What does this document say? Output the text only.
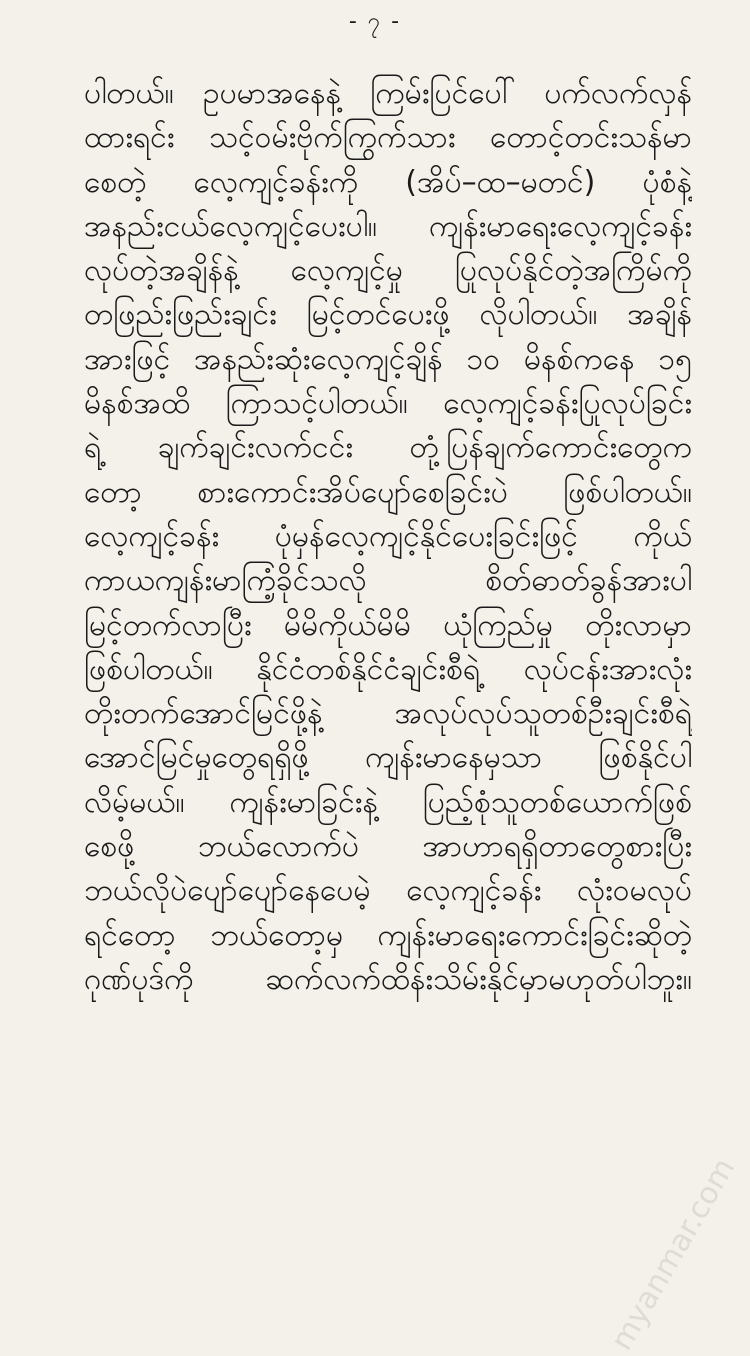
- ၇ -
ပါတယ်။ ဥပမာအနေနဲ့ ကြမ်းပြင်ပေါ် ပက်လက်လှန်
ထားရင်း သင့်ဝမ်းဗိုက်ကြွက်သား တောင့်တင်းသန်မာ
စေတဲ့ လေ့ကျင့်ခန်းကို (အိပ်–ထ–မတင်) ပုံစံနဲ့
အနည်းငယ်လေ့ကျင့်ပေးပါ။ ကျန်းမာရေးလေ့ကျင့်ခန်း
လုပ်တဲ့အချိန်နဲ့ လေ့ကျင့်မှု ပြုလုပ်နိုင်တဲ့အကြိမ်ကို
တဖြည်းဖြည်းချင်း မြင့်တင်ပေးဖို့ လိုပါတယ်။ အချိန်
အားဖြင့် အနည်းဆုံးလေ့ကျင့်ချိန် ၁၀ မိနစ်ကနေ ၁၅
မိနစ်အထိ ကြာသင့်ပါတယ်။ လေ့ကျင့်ခန်းပြုလုပ်ခြင်း
ရဲ့ ချက်ချင်းလက်ငင်း တုံ့ပြန်ချက်ကောင်းတွေက
တော့ စားကောင်းအိပ်ပျော်စေခြင်းပဲ ဖြစ်ပါတယ်။
လေ့ကျင့်ခန်း ပုံမှန်လေ့ကျင့်နိုင်ပေးခြင်းဖြင့် ကိုယ်
ကာယကျန်းမာကြံ့ခိုင်သလို စိတ်ဓာတ်ခွန်အားပါ
မြင့်တက်လာပြီး မိမိကိုယ်မိမိ ယုံကြည်မှု တိုးလာမှာ
ဖြစ်ပါတယ်။ နိုင်ငံတစ်နိုင်ငံချင်းစီရဲ့ လုပ်ငန်းအားလုံး
တိုးတက်အောင်မြင်ဖို့နဲ့ အလုပ်လုပ်သူတစ်ဦးချင်းစီရဲ့
အောင်မြင်မှုတွေရရှိဖို့ ကျန်းမာနေမှသာ ဖြစ်နိုင်ပါ
လိမ့်မယ်။ ကျန်းမာခြင်းနဲ့ ပြည့်စုံသူတစ်ယောက်ဖြစ်
စေဖို့ ဘယ်လောက်ပဲ အာဟာရရှိတာတွေစားပြီး
ဘယ်လိုပဲပျော်ပျော်နေပေမဲ့ လေ့ကျင့်ခန်း လုံးဝမလုပ်
ရင်တော့ ဘယ်တော့မှ ကျန်းမာရေးကောင်းခြင်းဆိုတဲ့
ဂုဏ်ပုဒ်ကို ဆက်လက်ထိန်းသိမ်းနိုင်မှာမဟုတ်ပါဘူး။
myanmar.com
